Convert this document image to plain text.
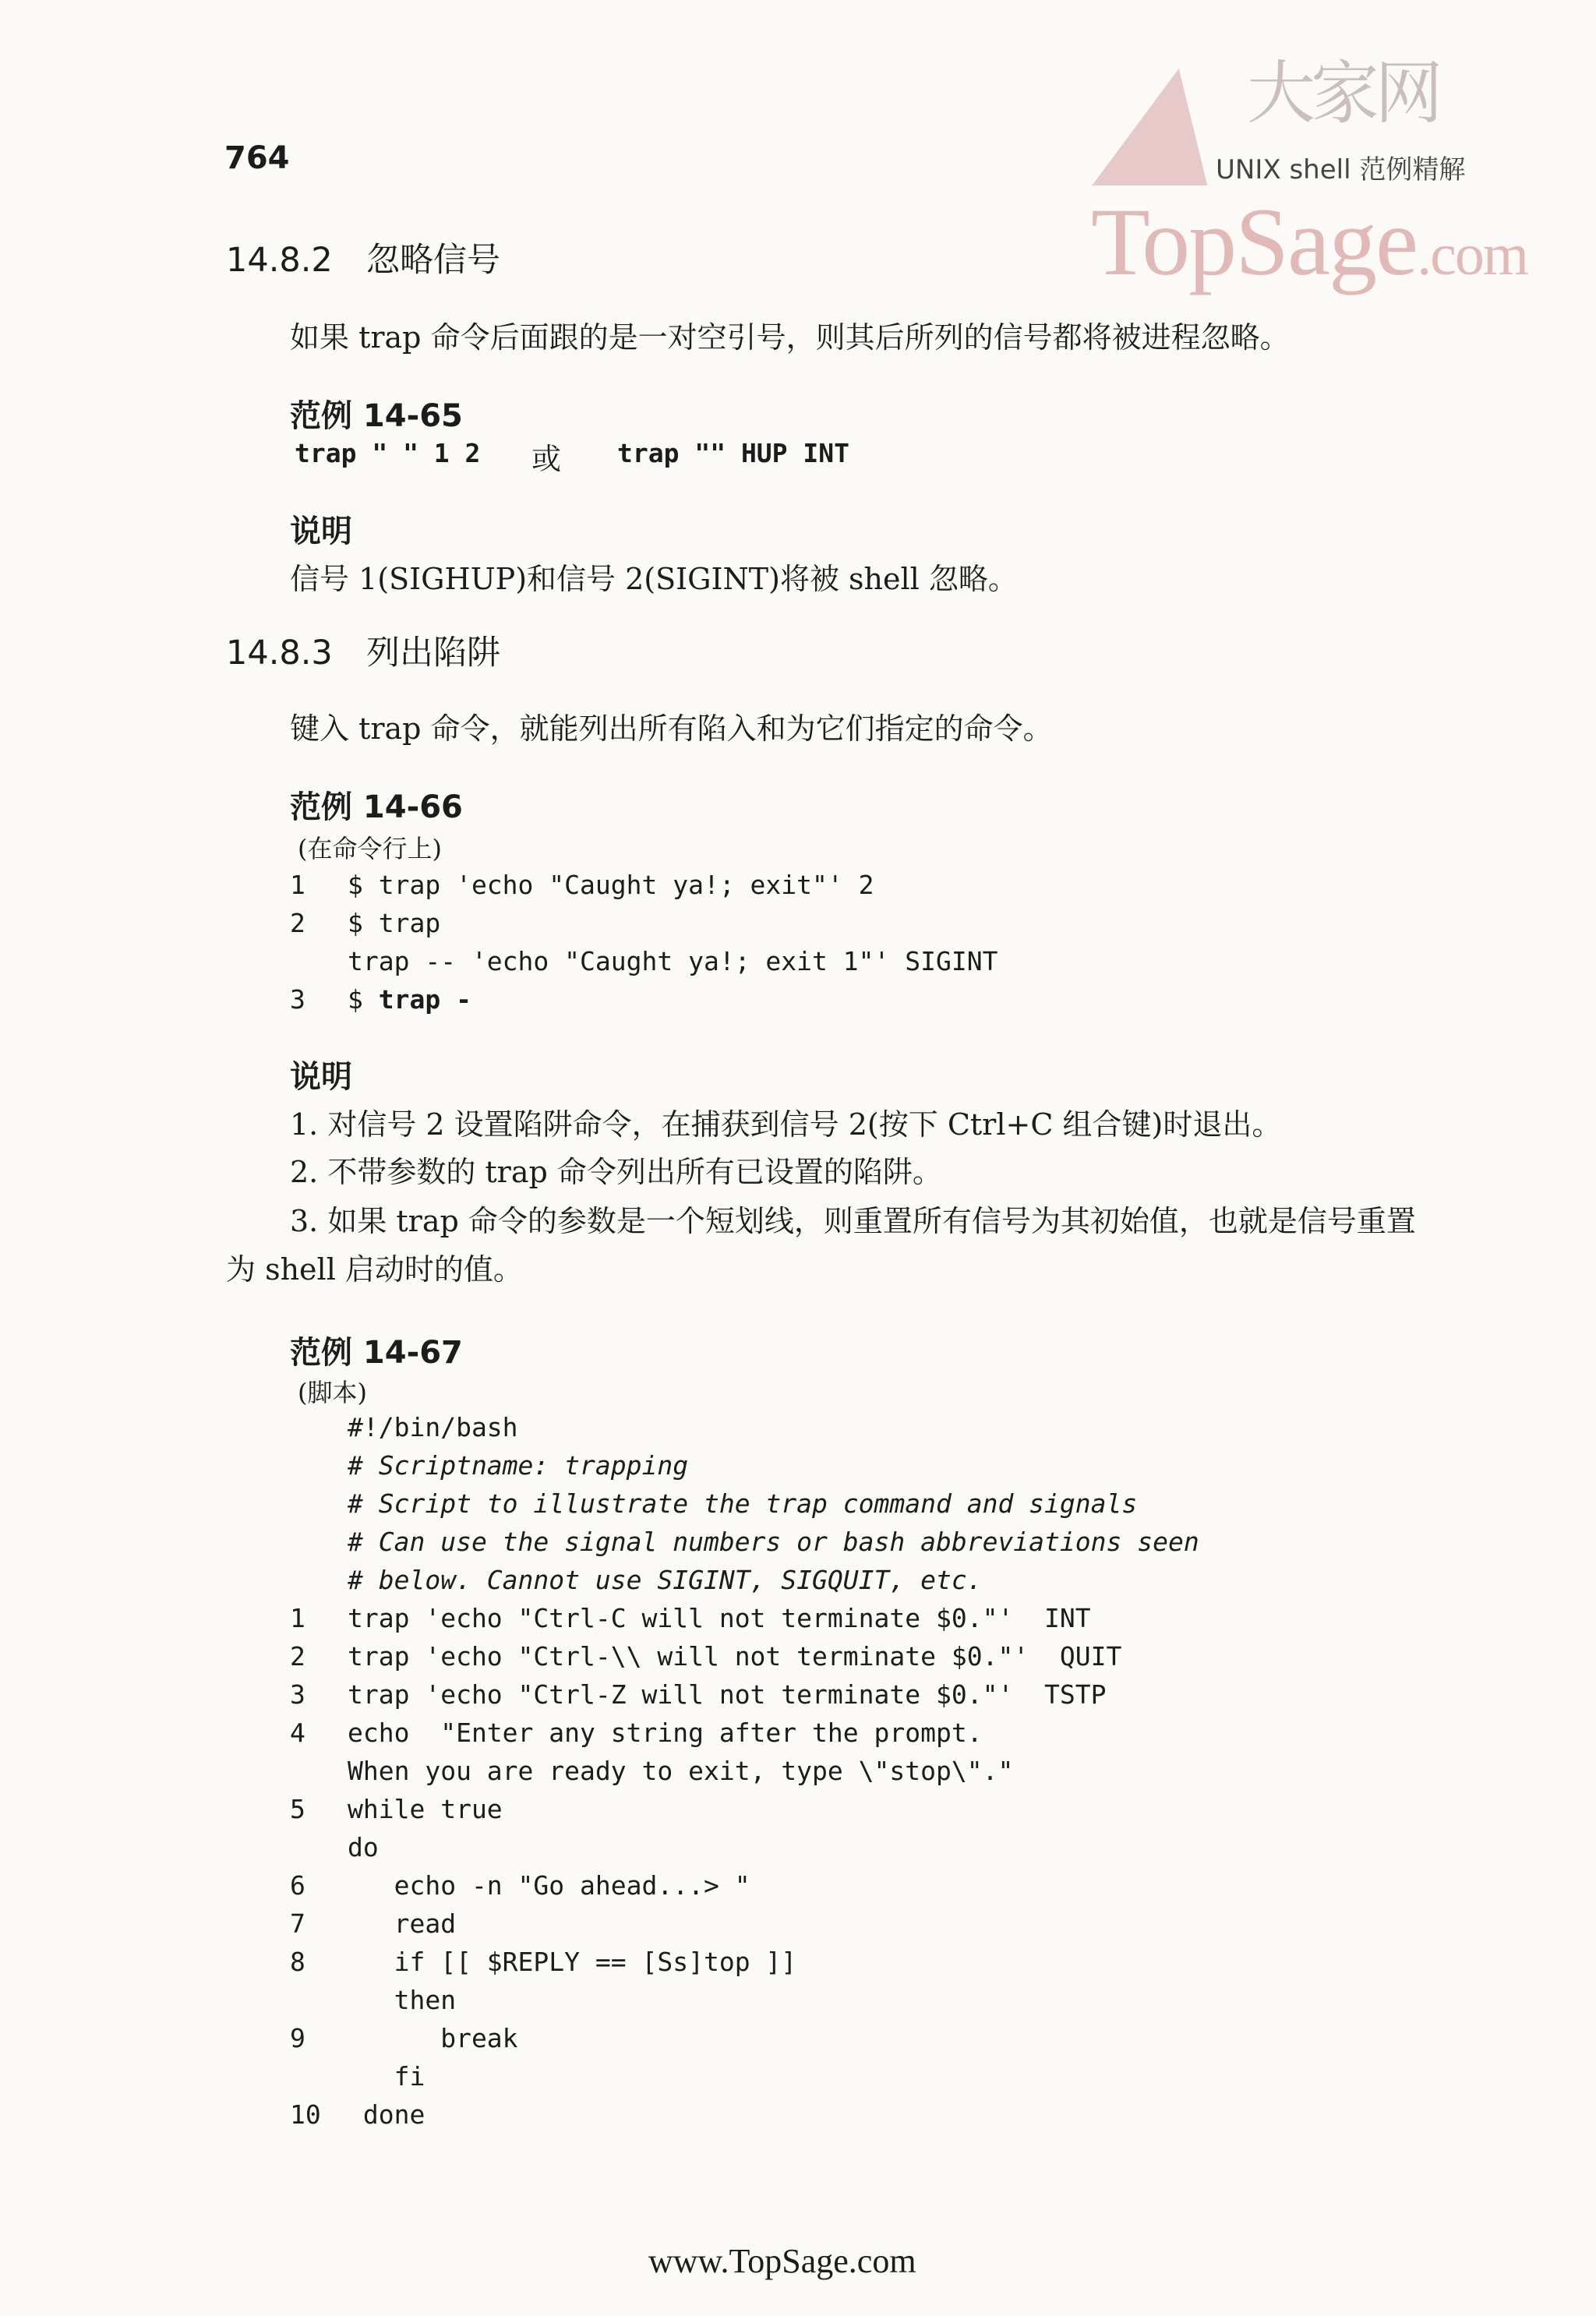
764
大家网
UNIX shell 范例精解
TopSage.com
14.8.2 忽略信号
如果 trap 命令后面跟的是一对空引号，则其后所列的信号都将被进程忽略。
范例 14-65
trap " " 1 2 或 trap "" HUP INT
说明
信号 1(SIGHUP)和信号 2(SIGINT)将被 shell 忽略。
14.8.3 列出陷阱
键入 trap 命令，就能列出所有陷入和为它们指定的命令。
范例 14-66
(在命令行上)
1 $ trap 'echo "Caught ya!; exit"' 2
2 $ trap
trap -- 'echo "Caught ya!; exit 1"' SIGINT
3 $ trap -
说明
1. 对信号 2 设置陷阱命令，在捕获到信号 2(按下 Ctrl+C 组合键)时退出。
2. 不带参数的 trap 命令列出所有已设置的陷阱。
3. 如果 trap 命令的参数是一个短划线，则重置所有信号为其初始值，也就是信号重置
为 shell 启动时的值。
范例 14-67
(脚本)
#!/bin/bash
# Scriptname: trapping
# Script to illustrate the trap command and signals
# Can use the signal numbers or bash abbreviations seen
# below. Cannot use SIGINT, SIGQUIT, etc.
1 trap 'echo "Ctrl-C will not terminate $0."'  INT
2 trap 'echo "Ctrl-\\ will not terminate $0."'  QUIT
3 trap 'echo "Ctrl-Z will not terminate $0."'  TSTP
4 echo  "Enter any string after the prompt.
When you are ready to exit, type \"stop\"."
5 while true
do
6 echo -n "Go ahead...> "
7 read
8 if [[ $REPLY == [Ss]top ]]
then
9 break
fi
10 done
www.TopSage.com
